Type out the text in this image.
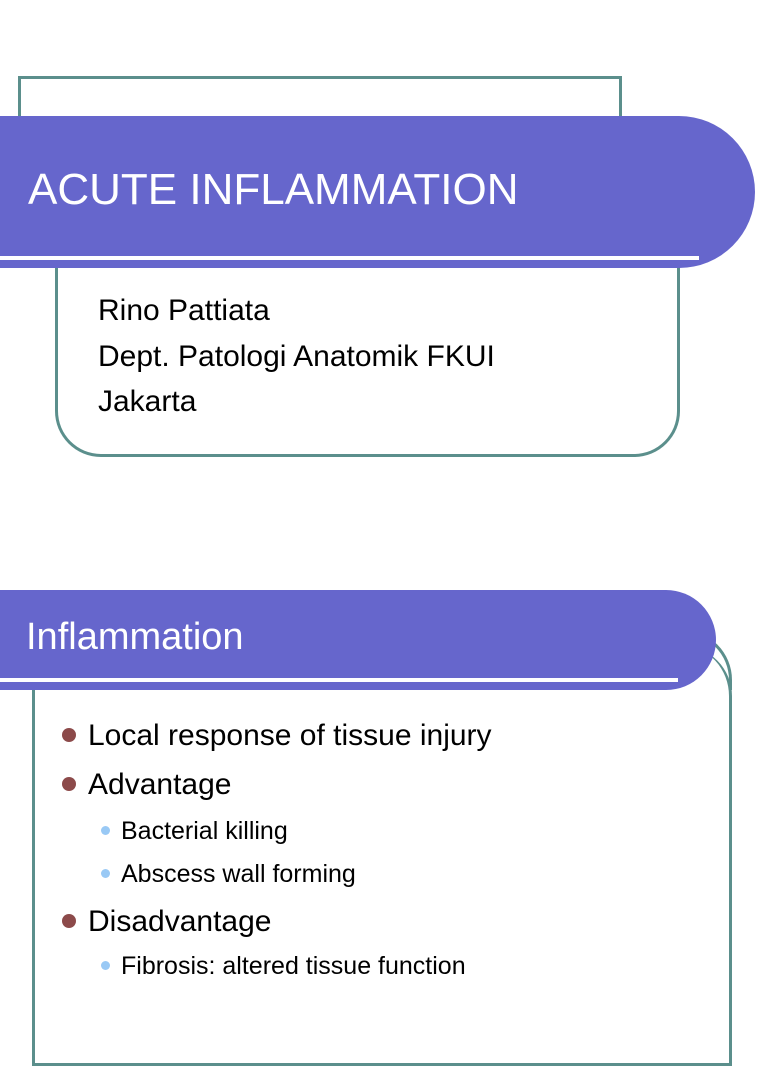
ACUTE INFLAMMATION
Rino Pattiata
Dept. Patologi Anatomik FKUI
Jakarta
Inflammation
Local response of tissue injury
Advantage
Bacterial killing
Abscess wall forming
Disadvantage
Fibrosis: altered tissue function
